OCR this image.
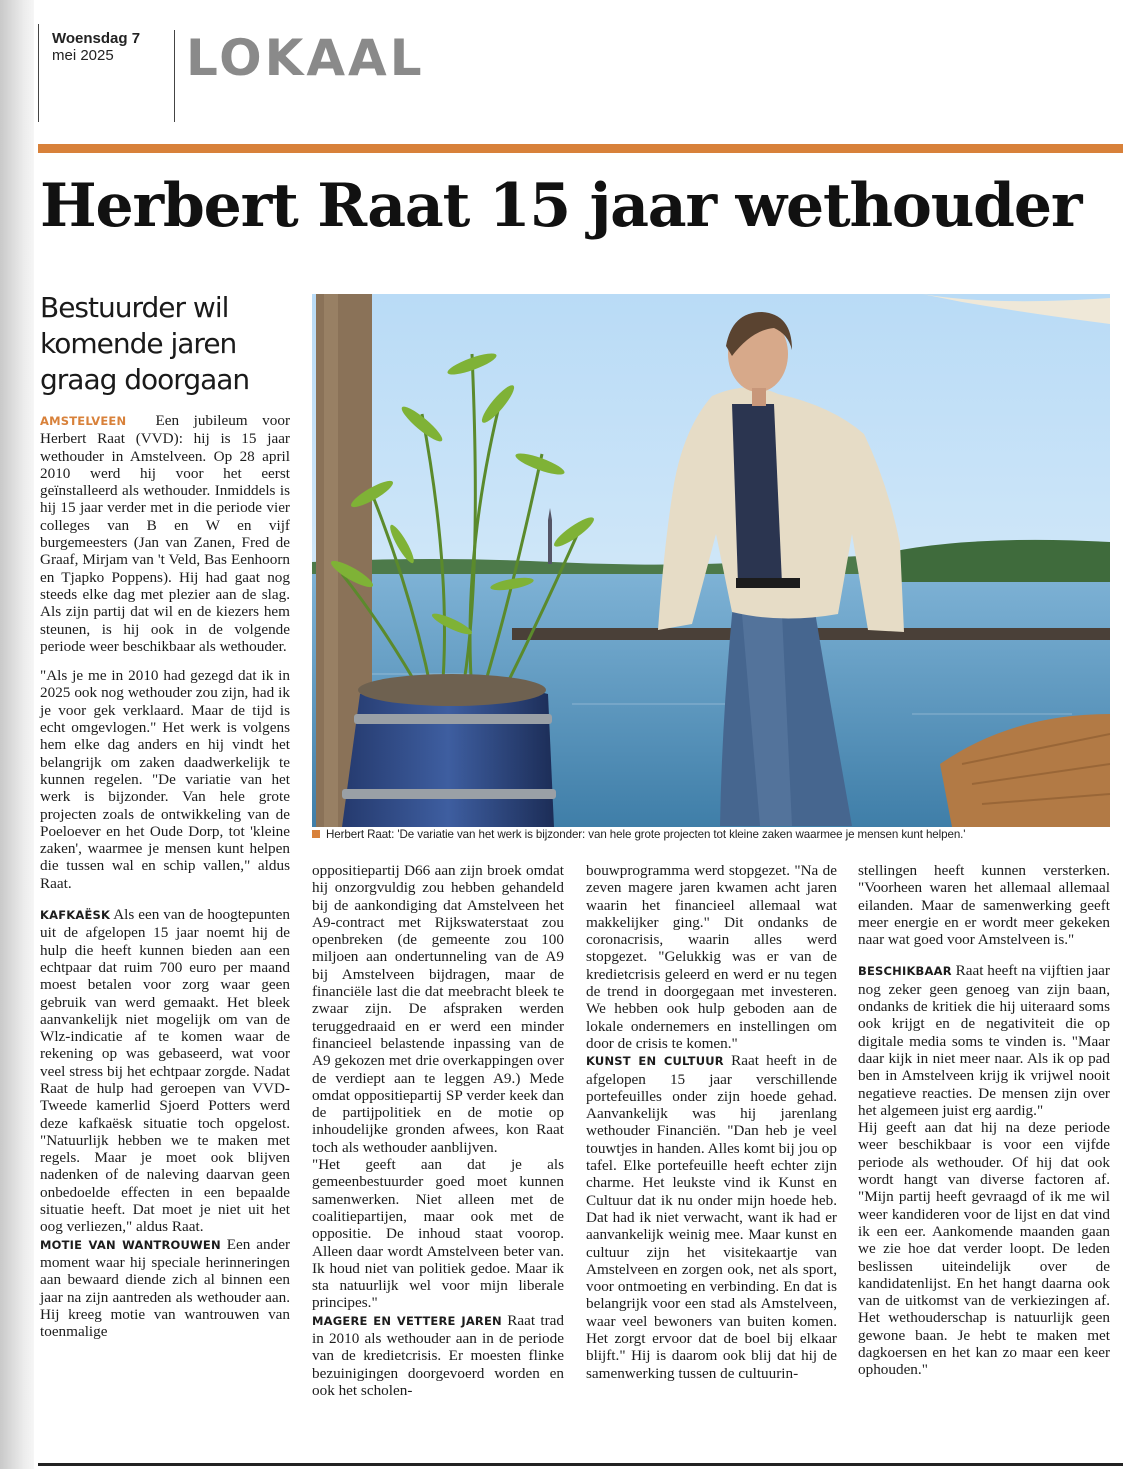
Woensdag 7
mei 2025	LOKAAL
Herbert Raat 15 jaar wethouder
Bestuurder wil komende jaren graag doorgaan
Herbert Raat: 'De variatie van het werk is bijzonder: van hele grote projecten tot kleine zaken waarmee je mensen kunt helpen.'

AMSTELVEEN Een jubileum voor Herbert Raat (VVD): hij is 15 jaar wethouder in Amstelveen. Op 28 april 2010 werd hij voor het eerst geïnstalleerd als wethouder. Inmiddels is hij 15 jaar verder met in die periode vier colleges van B en W en vijf burgemeesters (Jan van Zanen, Fred de Graaf, Mirjam van 't Veld, Bas Eenhoorn en Tjapko Poppens). Hij had gaat nog steeds elke dag met plezier aan de slag. Als zijn partij dat wil en de kiezers hem steunen, is hij ook in de volgende periode weer beschikbaar als wethouder.

"Als je me in 2010 had gezegd dat ik in 2025 ook nog wethouder zou zijn, had ik je voor gek verklaard. Maar de tijd is echt omgevlogen." Het werk is volgens hem elke dag anders en hij vindt het belangrijk om zaken daadwerkelijk te kunnen regelen. "De variatie van het werk is bijzonder. Van hele grote projecten zoals de ontwikkeling van de Poeloever en het Oude Dorp, tot 'kleine zaken', waarmee je mensen kunt helpen die tussen wal en schip vallen," aldus Raat.

KAFKAËSK Als een van de hoogtepunten uit de afgelopen 15 jaar noemt hij de hulp die heeft kunnen bieden aan een echtpaar dat ruim 700 euro per maand moest betalen voor zorg waar geen gebruik van werd gemaakt. Het bleek aanvankelijk niet mogelijk om van de Wlz-indicatie af te komen waar de rekening op was gebaseerd, wat voor veel stress bij het echtpaar zorgde. Nadat Raat de hulp had geroepen van VVD-Tweede kamerlid Sjoerd Potters werd deze kafkaësk situatie toch opgelost. "Natuurlijk hebben we te maken met regels. Maar je moet ook blijven nadenken of de naleving daarvan geen onbedoelde effecten in een bepaalde situatie heeft. Dat moet je niet uit het oog verliezen," aldus Raat.

MOTIE VAN WANTROUWEN Een ander moment waar hij speciale herinneringen aan bewaard diende zich al binnen een jaar na zijn aantreden als wethouder aan. Hij kreeg motie van wantrouwen van toenmalige

oppositiepartij D66 aan zijn broek omdat hij onzorgvuldig zou hebben gehandeld bij de aankondiging dat Amstelveen het A9-contract met Rijkswaterstaat zou openbreken (de gemeente zou 100 miljoen aan ondertunneling van de A9 bij Amstelveen bijdragen, maar de financiële last die dat meebracht bleek te zwaar zijn. De afspraken werden teruggedraaid en er werd een minder financieel belastende inpassing van de A9 gekozen met drie overkappingen over de verdiept aan te leggen A9.) Mede omdat oppositiepartij SP verder keek dan de partijpolitiek en de motie op inhoudelijke gronden afwees, kon Raat toch als wethouder aanblijven.

"Het geeft aan dat je als gemeenbestuurder goed moet kunnen samenwerken. Niet alleen met de coalitiepartijen, maar ook met de oppositie. De inhoud staat voorop. Alleen daar wordt Amstelveen beter van. Ik houd niet van politiek gedoe. Maar ik sta natuurlijk wel voor mijn liberale principes."

MAGERE EN VETTERE JAREN Raat trad in 2010 als wethouder aan in de periode van de kredietcrisis. Er moesten flinke bezuinigingen doorgevoerd worden en ook het scholen-

bouwprogramma werd stopgezet. "Na de zeven magere jaren kwamen acht jaren waarin het financieel allemaal wat makkelijker ging." Dit ondanks de coronacrisis, waarin alles werd stopgezet. "Gelukkig was er van de kredietcrisis geleerd en werd er nu tegen de trend in doorgegaan met investeren. We hebben ook hulp geboden aan de lokale ondernemers en instellingen om door de crisis te komen."

KUNST EN CULTUUR Raat heeft in de afgelopen 15 jaar verschillende portefeuilles onder zijn hoede gehad. Aanvankelijk was hij jarenlang wethouder Financiën. "Dan heb je veel touwtjes in handen. Alles komt bij jou op tafel. Elke portefeuille heeft echter zijn charme. Het leukste vind ik Kunst en Cultuur dat ik nu onder mijn hoede heb. Dat had ik niet verwacht, want ik had er aanvankelijk weinig mee. Maar kunst en cultuur zijn het visitekaartje van Amstelveen en zorgen ook, net als sport, voor ontmoeting en verbinding. En dat is belangrijk voor een stad als Amstelveen, waar veel bewoners van buiten komen. Het zorgt ervoor dat de boel bij elkaar blijft." Hij is daarom ook blij dat hij de samenwerking tussen de cultuurin-

stellingen heeft kunnen versterken. "Voorheen waren het allemaal allemaal eilanden. Maar de samenwerking geeft meer energie en er wordt meer gekeken naar wat goed voor Amstelveen is."

BESCHIKBAAR Raat heeft na vijftien jaar nog zeker geen genoeg van zijn baan, ondanks de kritiek die hij uiteraard soms ook krijgt en de negativiteit die op digitale media soms te vinden is. "Maar daar kijk in niet meer naar. Als ik op pad ben in Amstelveen krijg ik vrijwel nooit negatieve reacties. De mensen zijn over het algemeen juist erg aardig."

Hij geeft aan dat hij na deze periode weer beschikbaar is voor een vijfde periode als wethouder. Of hij dat ook wordt hangt van diverse factoren af. "Mijn partij heeft gevraagd of ik me wil weer kandideren voor de lijst en dat vind ik een eer. Aankomende maanden gaan we zie hoe dat verder loopt. De leden beslissen uiteindelijk over de kandidatenlijst. En het hangt daarna ook van de uitkomst van de verkiezingen af. Het wethouderschap is natuurlijk geen gewone baan. Je hebt te maken met dagkoersen en het kan zo maar een keer ophouden."
